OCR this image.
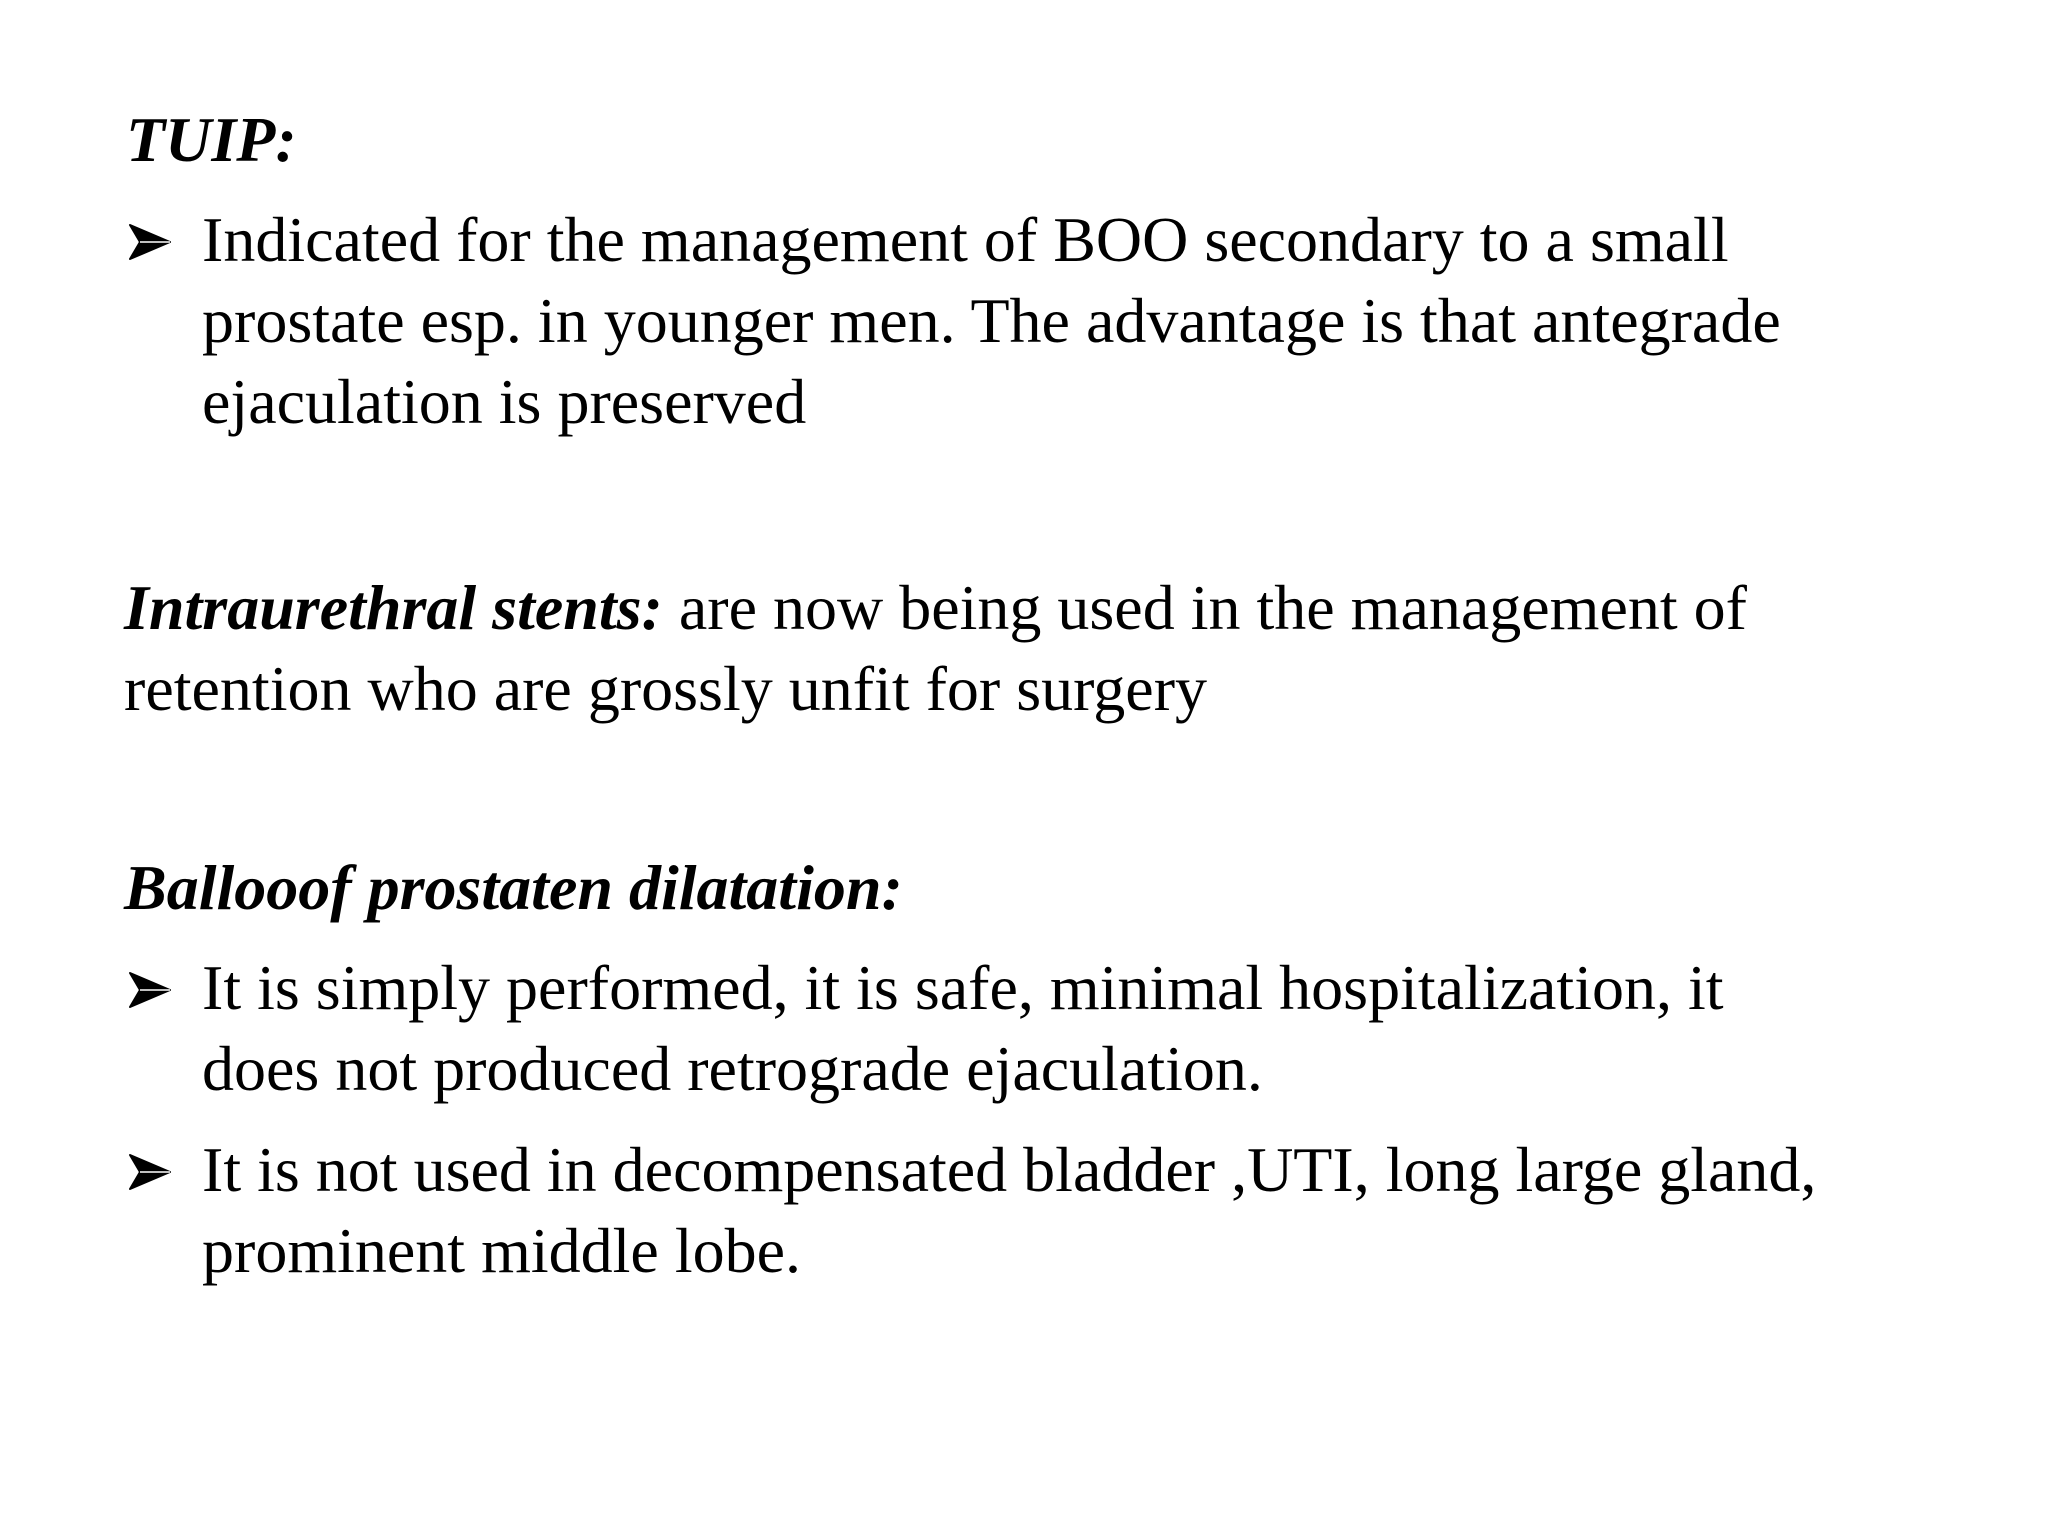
TUIP:
Indicated for the management of BOO secondary to a small
prostate esp. in younger men. The advantage is that antegrade
ejaculation is preserved
Intraurethral stents: are now being used in the management of
retention who are grossly unfit for surgery
Ballooof prostaten dilatation:
It is simply performed, it is safe, minimal hospitalization, it
does not produced retrograde ejaculation.
It is not used in decompensated bladder ,UTI, long large gland,
prominent middle lobe.
